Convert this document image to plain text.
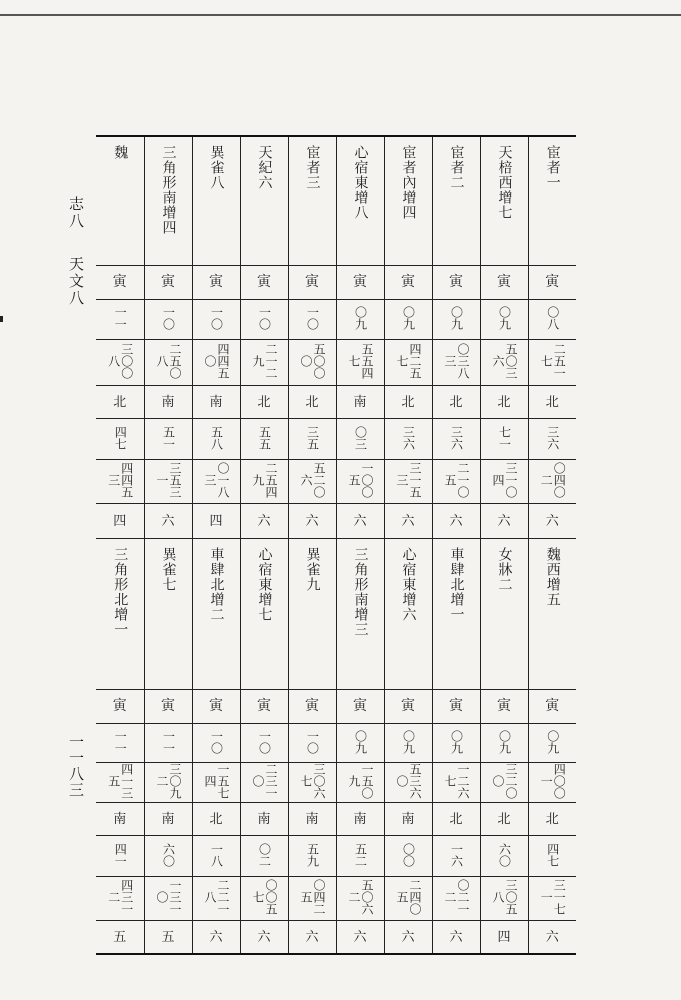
志八
天文八
一一八三
魏	三角形南增四	異雀八	天紀六	宦者三	心宿東增八	宦者內增四	宦者二	天棓西增七	宦者一
寅	寅	寅	寅	寅	寅	寅	寅	寅	寅
一一	一〇	一〇	一〇	一〇	〇九	〇九	〇九	〇九	〇八
三〇〇八	二五〇八	四四五〇	二一二九	五〇〇〇	五五四七	四二五七	〇三八三	五〇三六	二五一七
北	南	南	北	北	南	北	北	北	北
四七	五一	五八	五五	三五	〇三	三六	三六	七一	三六
四四五三	三五三一	〇一八三	二五四九	五二〇六	一〇〇五	三一五三	二一〇五	三一〇四	〇四〇二
四	六	四	六	六	六	六	六	六	六
三角形北增一	異雀七	車肆北增二	心宿東增七	異雀九	三角形南增三	心宿東增六	車肆北增一	女牀二	魏西增五
寅	寅	寅	寅	寅	寅	寅	寅	寅	寅
一一	一一	一〇	一〇	一〇	〇九	〇九	〇九	〇九	〇九
四一三五	三〇九二	一五七四	二三一〇	三〇六七	一五〇九	五三六〇	一二六七	三二〇〇	四〇〇一
南	南	北	南	南	南	南	北	北	北
四一	六〇	一八	〇二	五九	五二	〇〇	一六	六〇	四七
四三一二	一三一〇	二二一八	〇〇五七	〇四二五	五〇六二	二四〇五	〇二一二	三〇五八	三一七一
五	五	六	六	六	六	六	六	四	六
